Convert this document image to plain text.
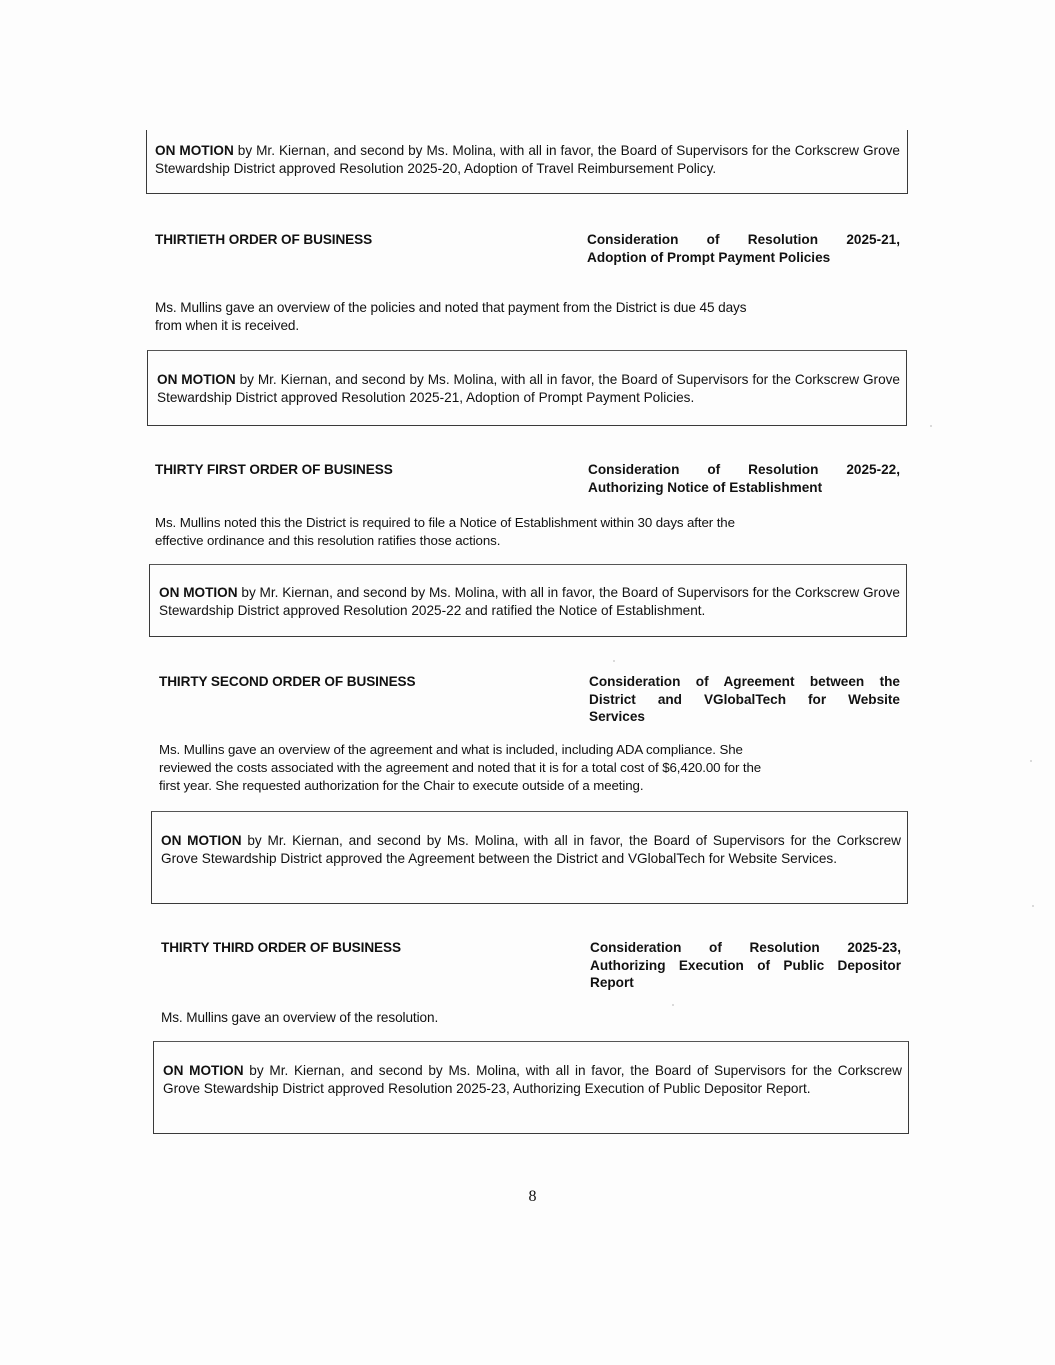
ON MOTION by Mr. Kiernan, and second by Ms. Molina, with all in favor, the Board of Supervisors for the Corkscrew Grove Stewardship District approved Resolution 2025-20, Adoption of Travel Reimbursement Policy.
THIRTIETH ORDER OF BUSINESS	Consideration of Resolution 2025-21,
Adoption of Prompt Payment Policies
Ms. Mullins gave an overview of the policies and noted that payment from the District is due 45 days
from when it is received.
ON MOTION by Mr. Kiernan, and second by Ms. Molina, with all in favor, the Board of Supervisors for the Corkscrew Grove Stewardship District approved Resolution 2025-21, Adoption of Prompt Payment Policies.
THIRTY FIRST ORDER OF BUSINESS	Consideration of Resolution 2025-22,
Authorizing Notice of Establishment
Ms. Mullins noted this the District is required to file a Notice of Establishment within 30 days after the
effective ordinance and this resolution ratifies those actions.
ON MOTION by Mr. Kiernan, and second by Ms. Molina, with all in favor, the Board of Supervisors for the Corkscrew Grove Stewardship District approved Resolution 2025-22 and ratified the Notice of Establishment.
THIRTY SECOND ORDER OF BUSINESS	Consideration of Agreement between the
District and VGlobalTech for Website
Services
Ms. Mullins gave an overview of the agreement and what is included, including ADA compliance. She
reviewed the costs associated with the agreement and noted that it is for a total cost of $6,420.00 for the
first year. She requested authorization for the Chair to execute outside of a meeting.
ON MOTION by Mr. Kiernan, and second by Ms. Molina, with all in favor, the Board of Supervisors for the Corkscrew Grove Stewardship District approved the Agreement between the District and VGlobalTech for Website Services.
THIRTY THIRD ORDER OF BUSINESS	Consideration of Resolution 2025-23,
Authorizing Execution of Public Depositor
Report
Ms. Mullins gave an overview of the resolution.
ON MOTION by Mr. Kiernan, and second by Ms. Molina, with all in favor, the Board of Supervisors for the Corkscrew Grove Stewardship District approved Resolution 2025-23, Authorizing Execution of Public Depositor Report.
8
